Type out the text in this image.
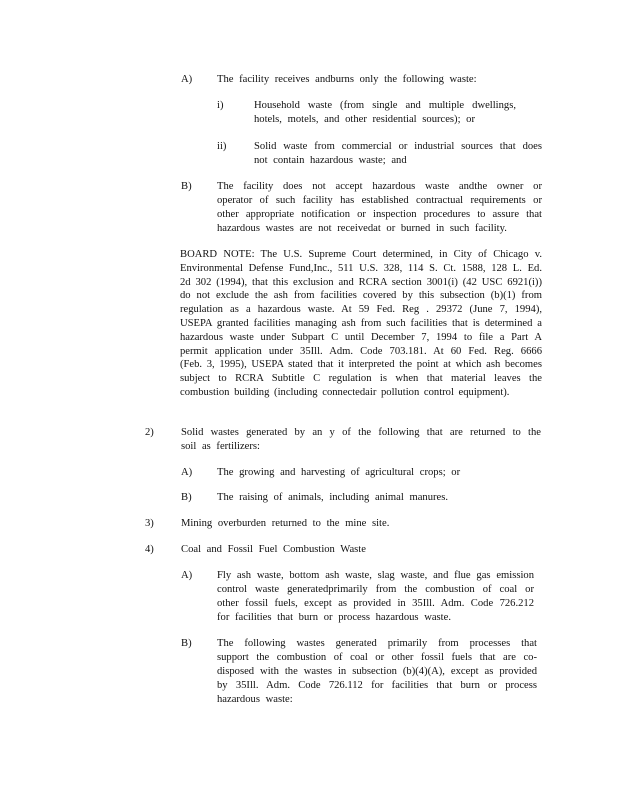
A) The facility receives andburns only the following waste:
i)	Household waste (from single and multiple dwellings, hotels, motels, and other residential sources); or
ii)	Solid waste from commercial or industrial sources that does not contain hazardous waste; and
B) The facility does not accept hazardous waste andthe owner or operator of such facility has established contractual requirements or other appropriate notification or inspection procedures to assure that hazardous wastes are not receivedat or burned in such facility.
BOARD NOTE: The U.S. Supreme Court determined, in City of Chicago v. Environmental Defense Fund,Inc., 511 U.S. 328, 114 S. Ct. 1588, 128 L. Ed. 2d 302 (1994), that this exclusion and RCRA section 3001(i) (42 USC 6921(i)) do not exclude the ash from facilities covered by this subsection (b)(1) from regulation as a hazardous waste. At 59 Fed. Reg . 29372 (June 7, 1994), USEPA granted facilities managing ash from such facilities that is determined a hazardous waste under Subpart C until December 7, 1994 to file a Part A permit application under 35Ill. Adm. Code 703.181. At 60 Fed. Reg. 6666 (Feb. 3, 1995), USEPA stated that it interpreted the point at which ash becomes subject to RCRA Subtitle C regulation is when that material leaves the combustion building (including connectedair pollution control equipment).
2)	Solid wastes generated by an y of the following that are returned to the soil as fertilizers:
A) The growing and harvesting of agricultural crops; or
B) The raising of animals, including animal manures.
3)	Mining overburden returned to the mine site.
4)	Coal and Fossil Fuel Combustion Waste
A) Fly ash waste, bottom ash waste, slag waste, and flue gas emission control waste generatedprimarily from the combustion of coal or other fossil fuels, except as provided in 35Ill. Adm. Code 726.212 for facilities that burn or process hazardous waste.
B) The following wastes generated primarily from processes that support the combustion of coal or other fossil fuels that are co-disposed with the wastes in subsection (b)(4)(A), except as provided by 35Ill. Adm. Code 726.112 for facilities that burn or process hazardous waste:
